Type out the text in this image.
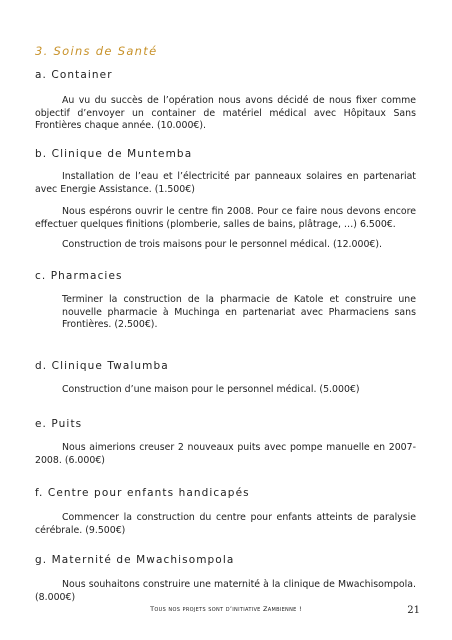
3. Soins de Santé
a. Container
Au vu du succès de l’opération nous avons décidé de nous fixer comme objectif d’envoyer un container de matériel médical avec Hôpitaux Sans Frontières chaque année. (10.000€).
b. Clinique de Muntemba
Installation de l’eau et l’électricité par panneaux solaires en partenariat avec Energie Assistance. (1.500€)
Nous espérons ouvrir le centre fin 2008. Pour ce faire nous devons encore effectuer quelques finitions (plomberie, salles de bains, plâtrage, …) 6.500€.
Construction de trois maisons pour le personnel médical. (12.000€).
c. Pharmacies
Terminer la construction de la pharmacie de Katole et construire une nouvelle pharmacie à Muchinga en partenariat avec Pharmaciens sans Frontières. (2.500€).
d. Clinique Twalumba
Construction d’une maison pour le personnel médical. (5.000€)
e. Puits
Nous aimerions creuser 2 nouveaux puits avec pompe manuelle en 2007-2008. (6.000€)
f. Centre pour enfants handicapés
Commencer la construction du centre pour enfants atteints de paralysie cérébrale. (9.500€)
g. Maternité de Mwachisompola
Nous souhaitons construire une maternité à la clinique de Mwachisompola. (8.000€)
Tous nos projets sont d’initiative Zambienne !	21
